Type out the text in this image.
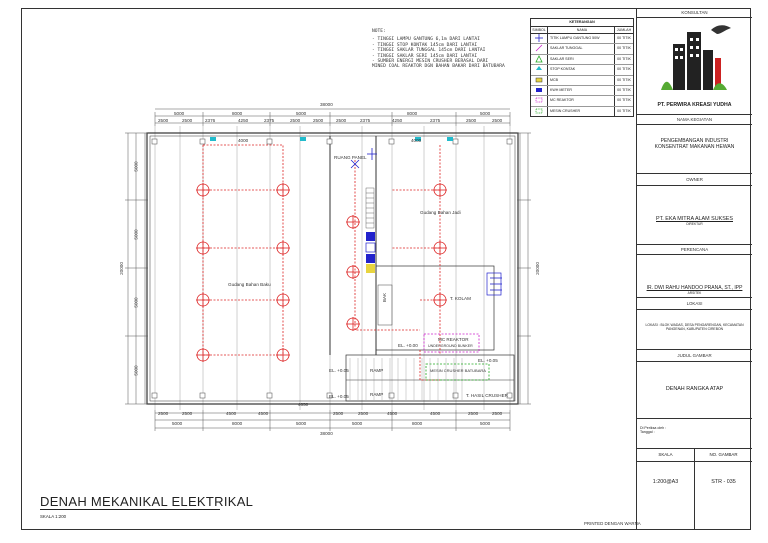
38000
5000	8000	5000	8000	5000
2500	2500	2376	4250	2375	2500	2500	2500	2375	4250	2375	2500	2500
2500	2500	4500	4500	2500	2500	4500	4500	2500	2500
5000	8000	5000	5000	8000	5000
38000
4650
20000	20000
5000
5000
5000
5000
4000	4000
Gudang Bahan Baku
Gudang Bahan Jadi
RUANG PANEL
MC REAKTOR
UNDERGROUND BUNKER
MESIN CRUSHER BATUBARA
RAMP
RAMP
EL. +0.00
EL. +0.05
EL. +0.05
EL. +0.05
T. KOLAM
T. HASIL CRUSHER
BAK
NOTE:
- TINGGI LAMPU GANTUNG 6,1m DARI LANTAI
- TINGGI STOP KONTAK 145cm DARI LANTAI
- TINGGI SAKLAR TUNGGAL 145cm DARI LANTAI
- TINGGI SAKLAR SERI 145cm DARI LANTAI
- SUMBER ENERGI MESIN CRUSHER BERASAL DARI
MINED COAL REAKTOR DGN BAHAN BAKAR DARI BATUBARA
KETERANGAN
SIMBOL	NAMA	JUMLAH
TITIK LAMPU GANTUNG 50W	00 TITIK
SAKLAR TUNGGAL	00 TITIK
SAKLAR SERI	00 TITIK
STOP KONTAK	00 TITIK
MCB	00 TITIK
KWH METER	00 TITIK
MC REAKTOR	00 TITIK
MESIN CRUSHER	00 TITIK
KONSULTAN
PT. PERWIRA KREASI YUDHA
NAMA KEGIATAN
PENGEMBANGAN INDUSTRI KONSENTRAT MAKANAN HEWAN
OWNER
PT. EKA MITRA ALAM SUKSES
DIREKTUR
PERENCANA
IR. DWI RAHU HANDOO PRANA, ST., IPP
ARSITEK
LOKASI
LOKASI : BLOK WADAS, DESA PENGARENGAN, KECAMATAN PANGENAN, KABUPATEN CIREBON
JUDUL GAMBAR
DENAH RANGKA ATAP
Di Periksa oleh :
Tanggal :
SKALA	NO. GAMBAR
1:200@A3	STR - 035
DENAH MEKANIKAL ELEKTRIKAL
SKALA 1:200
PRINTED DENGAN WARNA
